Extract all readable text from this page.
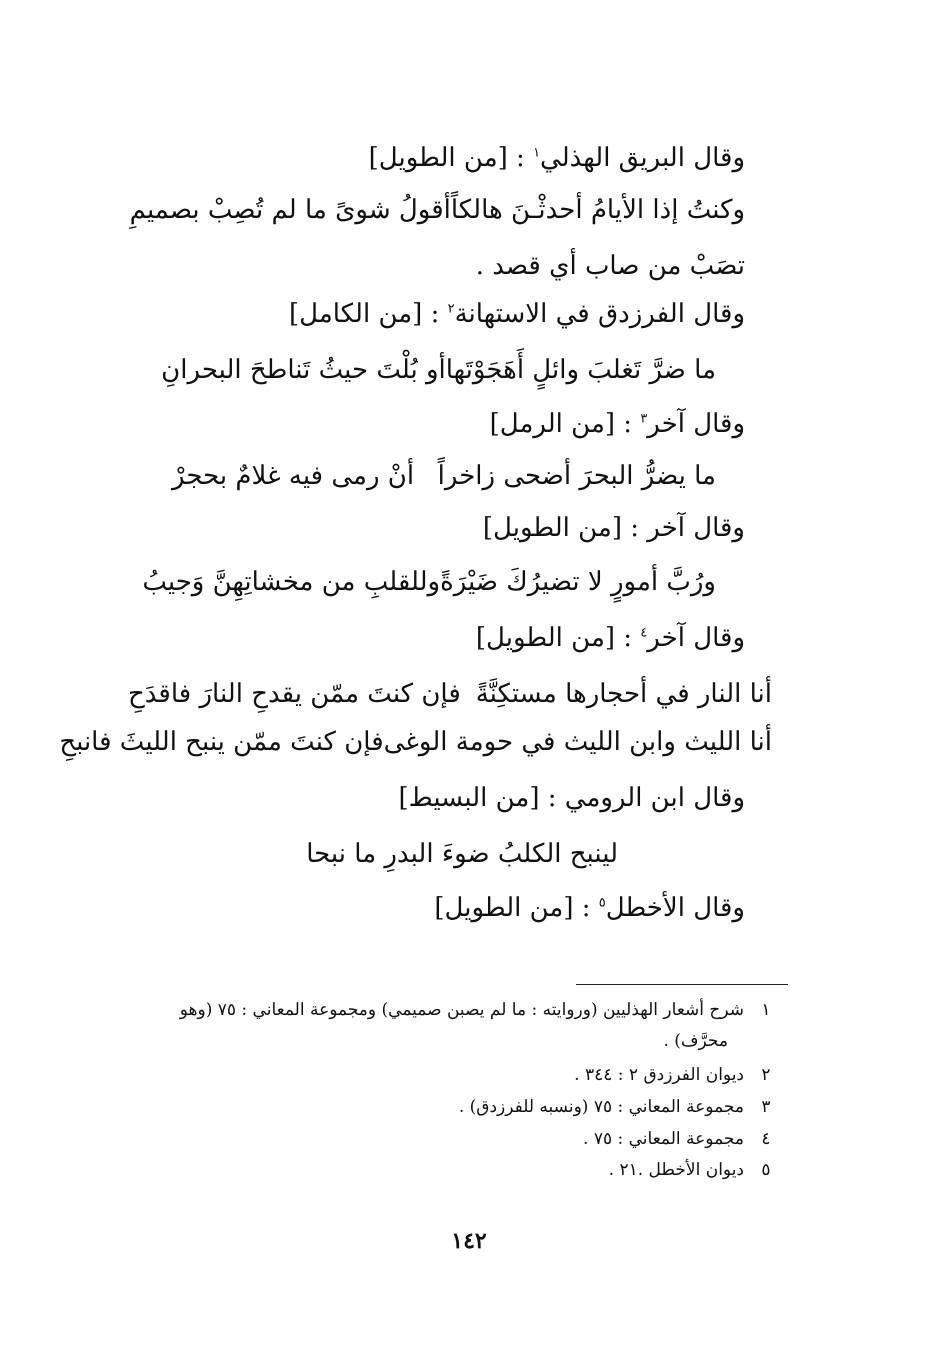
وقال البريق الهذلي$^١$ : [من الطويل]
وكنتُ إذا الأيامُ أحدثْـنَ هالكاً
أقولُ شوىً ما لم تُصِبْ بصميمِ
تصَبْ من صاب أي قصد .
وقال الفرزدق في الاستهانة$^٢$ : [من الكامل]
ما ضرَّ تَغلبَ وائلٍ أَهَجَوْتَها
أو بُلْتَ حيثُ تَناطحَ البحرانِ
وقال آخر$^٣$ : [من الرمل]
ما يضرُّ البحرَ أضحى زاخراً
أنْ رمى فيه غلامٌ بحجرْ
وقال آخر : [من الطويل]
ورُبَّ أمورٍ لا تضيرُكَ ضَيْرَةً
وللقلبِ من مخشاتِهِنَّ وَجيبُ
وقال آخر$^٤$ : [من الطويل]
أنا النار في أحجارها مستكِنَّةً
فإن كنتَ ممّن يقدحِ النارَ فاقدَحِ
أنا الليث وابن الليث في حومة الوغى
فإن كنتَ ممّن ينبح الليثَ فانبحِ
وقال ابن الرومي : [من البسيط]
لينبح الكلبُ ضوءَ البدرِ ما نبحا
وقال الأخطل$^٥$ : [من الطويل]
١
شرح أشعار الهذليين (وروايته : ما لم يصبن صميمي) ومجموعة المعاني : ٧٥ (وهو
محرَّف) .
٢
ديوان الفرزدق ٢ : ٣٤٤ .
٣
مجموعة المعاني : ٧٥ (ونسبه للفرزدق) .
٤
مجموعة المعاني : ٧٥ .
٥
ديوان الأخطل .٢١ .
١٤٢
